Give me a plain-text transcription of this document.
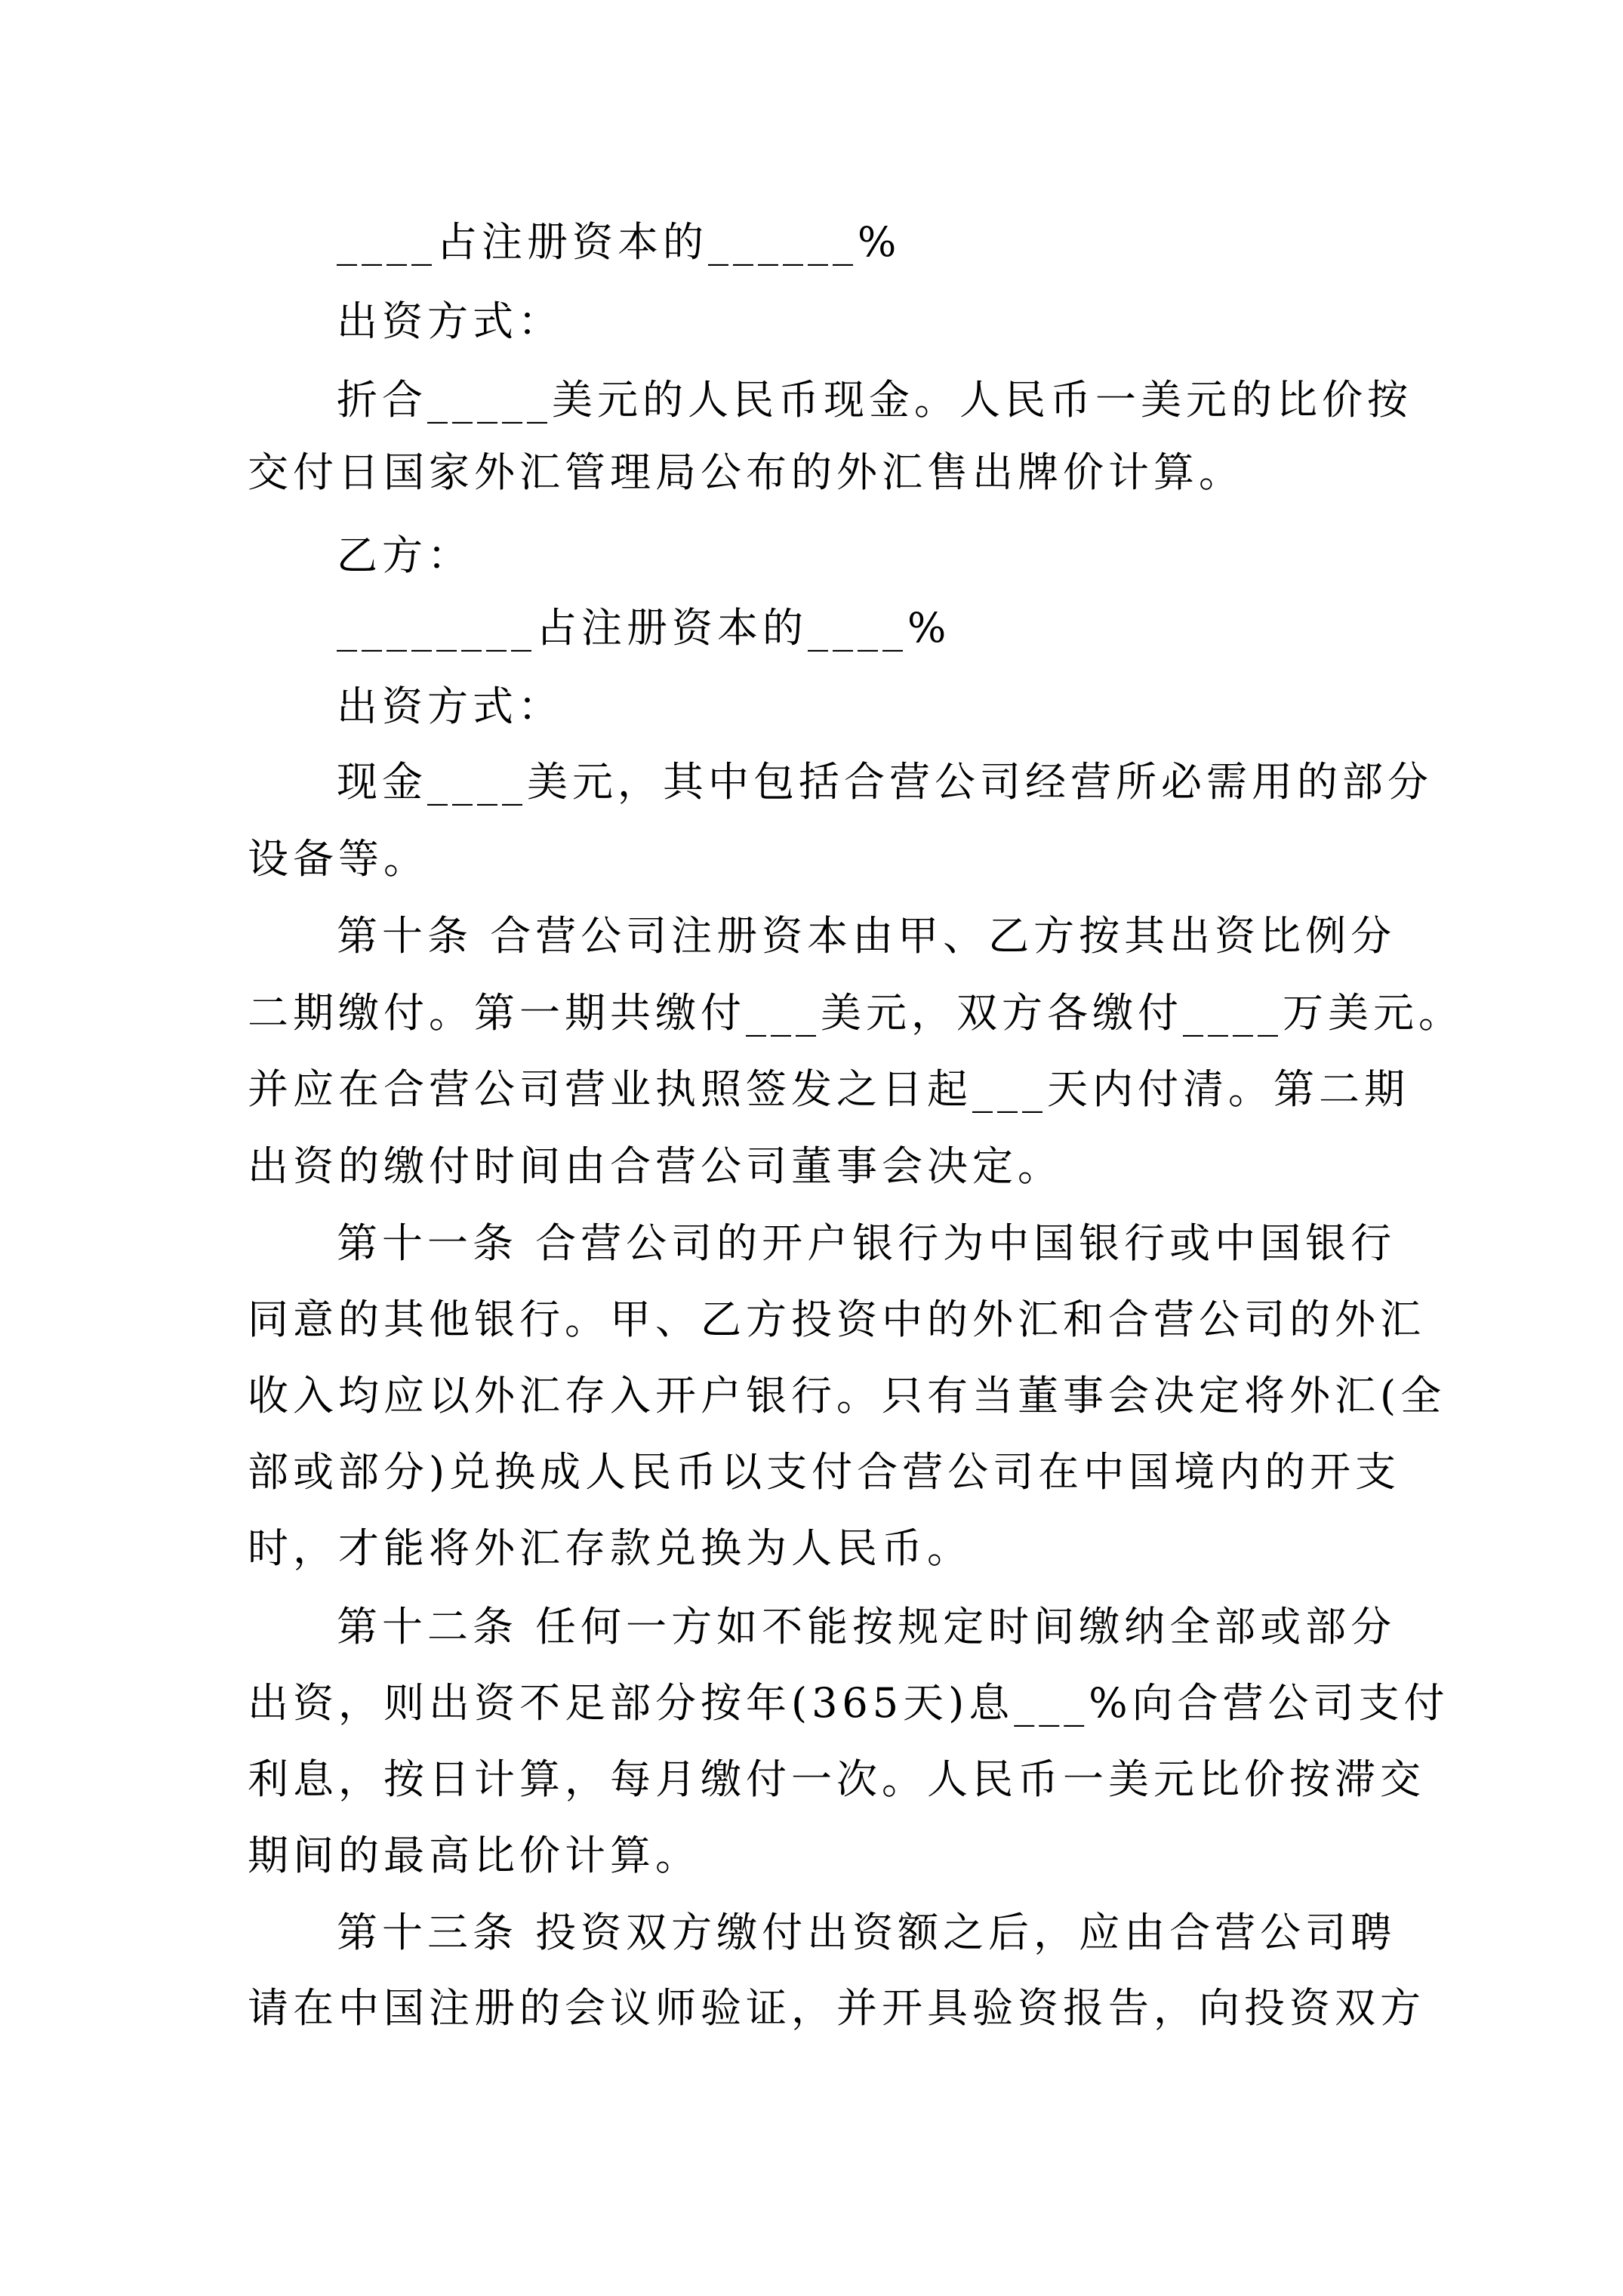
____占注册资本的______%
出资方式：
折合_____美元的人民币现金。人民币一美元的比价按
交付日国家外汇管理局公布的外汇售出牌价计算。
乙方：
________占注册资本的____%
出资方式：
现金____美元，其中包括合营公司经营所必需用的部分
设备等。
第十条 合营公司注册资本由甲、乙方按其出资比例分
二期缴付。第一期共缴付___美元，双方各缴付____万美元。
并应在合营公司营业执照签发之日起___天内付清。第二期
出资的缴付时间由合营公司董事会决定。
第十一条 合营公司的开户银行为中国银行或中国银行
同意的其他银行。甲、乙方投资中的外汇和合营公司的外汇
收入均应以外汇存入开户银行。只有当董事会决定将外汇(全
部或部分)兑换成人民币以支付合营公司在中国境内的开支
时，才能将外汇存款兑换为人民币。
第十二条 任何一方如不能按规定时间缴纳全部或部分
出资，则出资不足部分按年(365天)息___%向合营公司支付
利息，按日计算，每月缴付一次。人民币一美元比价按滞交
期间的最高比价计算。
第十三条 投资双方缴付出资额之后，应由合营公司聘
请在中国注册的会议师验证，并开具验资报告，向投资双方
